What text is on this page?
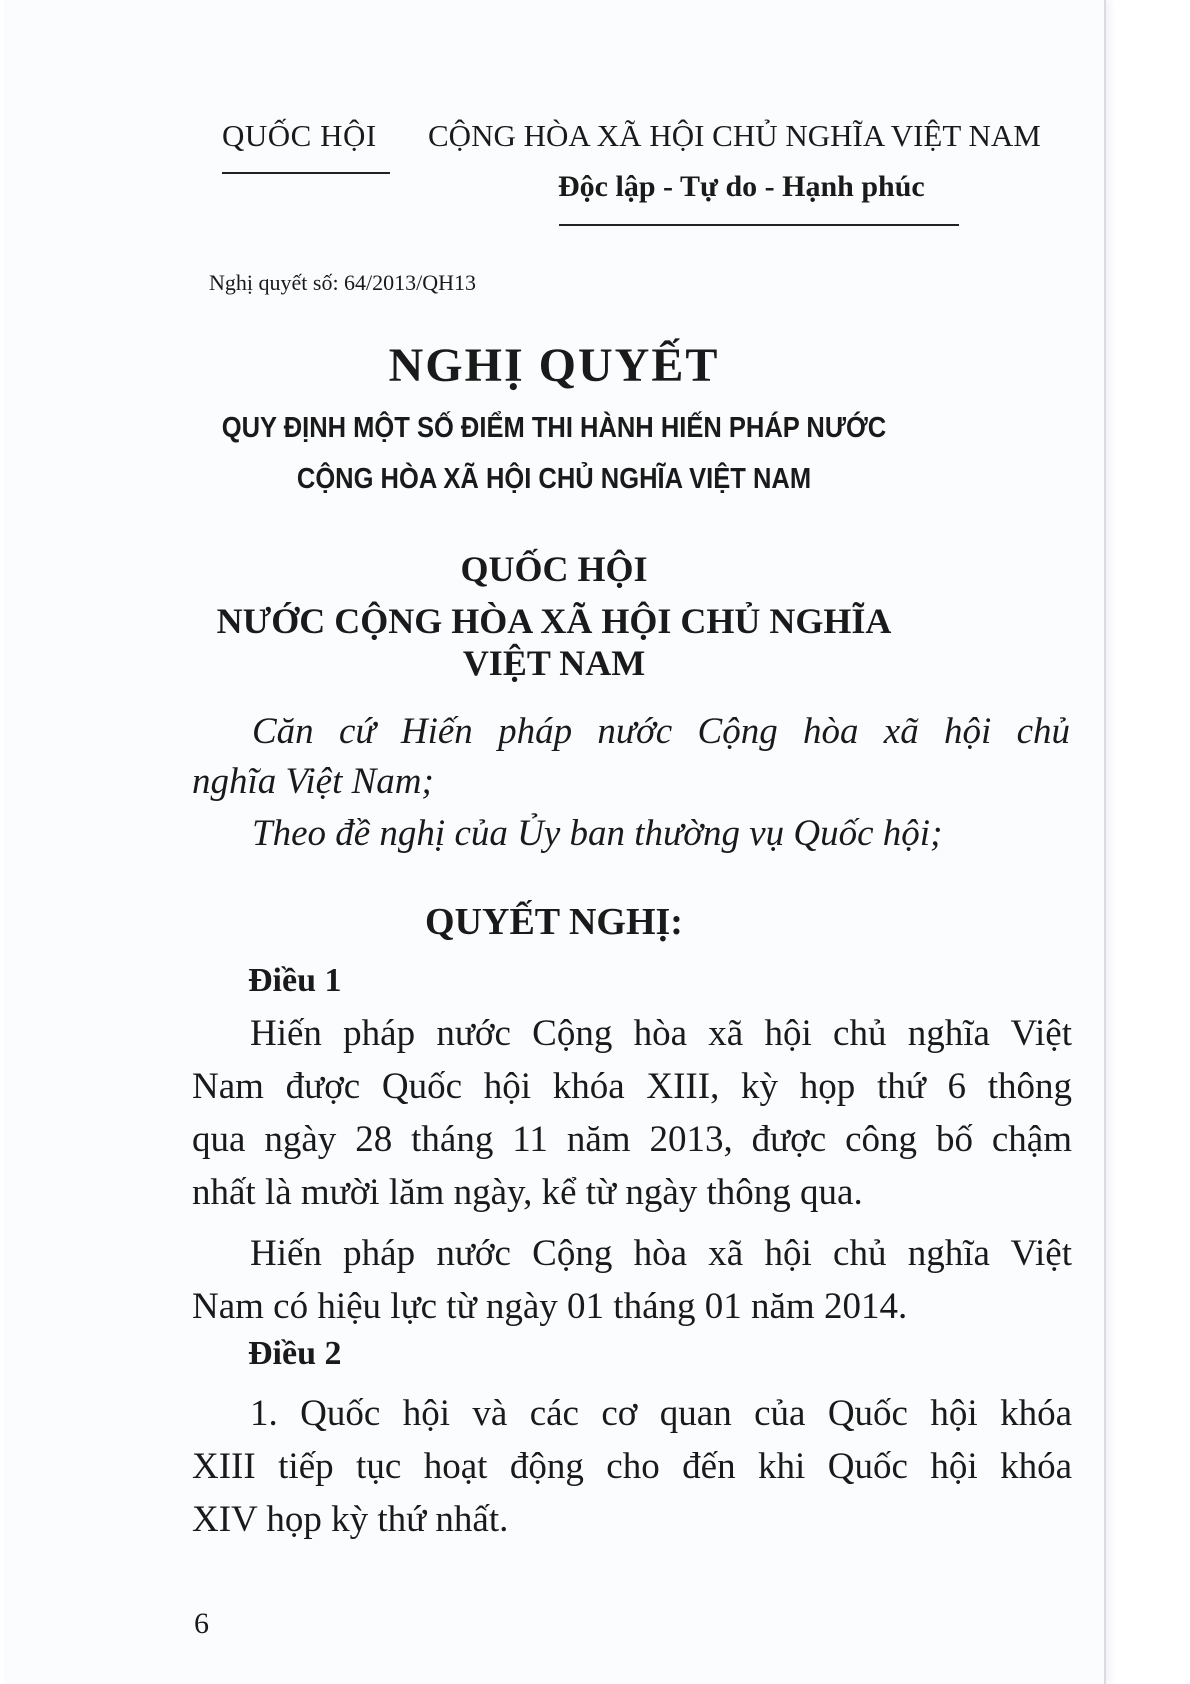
QUỐC HỘI CỘNG HÒA XÃ HỘI CHỦ NGHĨA VIỆT NAM
Độc lập - Tự do - Hạnh phúc
Nghị quyết số: 64/2013/QH13
NGHỊ QUYẾT
QUY ĐỊNH MỘT SỐ ĐIỂM THI HÀNH HIẾN PHÁP NƯỚC
CỘNG HÒA XÃ HỘI CHỦ NGHĨA VIỆT NAM
QUỐC HỘI
NƯỚC CỘNG HÒA XÃ HỘI CHỦ NGHĨA
VIỆT NAM
Căn cứ Hiến pháp nước Cộng hòa xã hội chủ
nghĩa Việt Nam;
Theo đề nghị của Ủy ban thường vụ Quốc hội;
QUYẾT NGHỊ:
Điều 1
Hiến pháp nước Cộng hòa xã hội chủ nghĩa Việt
Nam được Quốc hội khóa XIII, kỳ họp thứ 6 thông
qua ngày 28 tháng 11 năm 2013, được công bố chậm
nhất là mười lăm ngày, kể từ ngày thông qua.
Hiến pháp nước Cộng hòa xã hội chủ nghĩa Việt
Nam có hiệu lực từ ngày 01 tháng 01 năm 2014.
Điều 2
1. Quốc hội và các cơ quan của Quốc hội khóa
XIII tiếp tục hoạt động cho đến khi Quốc hội khóa
XIV họp kỳ thứ nhất.
6
